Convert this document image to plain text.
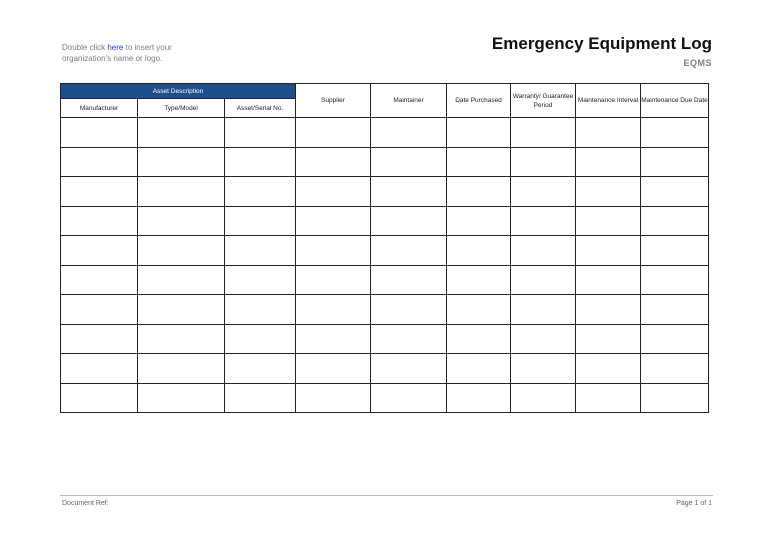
Double click here to insert your organization's name or logo.
Emergency Equipment Log
EQMS
Asset Description			Supplier	Maintainer	Date Purchased	Warranty/ Guarantee Period	Maintenance Interval	Maintenance Due Date
Manufacturer	Type/Model	Asset/Serial No.						

Document Ref:	Page 1 of 1
